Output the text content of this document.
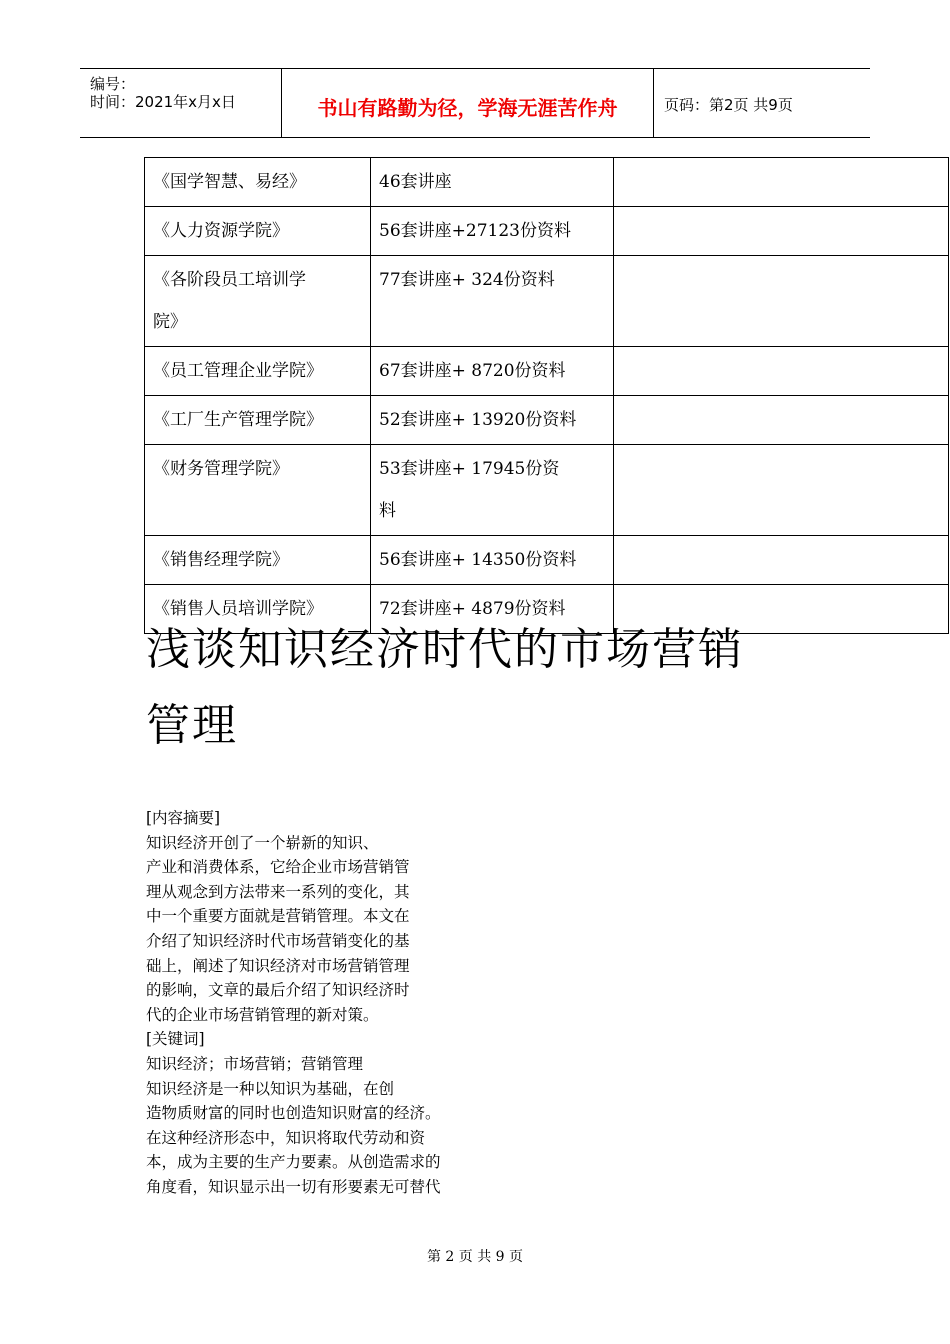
编号：
时间：2021年x月x日	书山有路勤为径，学海无涯苦作舟	页码：第2页 共9页
《国学智慧、易经》	46套讲座	

《人力资源学院》	56套讲座+27123份资料	

《各阶段员工培训学
院》	77套讲座+ 324份资料	

《员工管理企业学院》	67套讲座+ 8720份资料	

《工厂生产管理学院》	52套讲座+ 13920份资料	

《财务管理学院》	53套讲座+ 17945份资
料	

《销售经理学院》	56套讲座+ 14350份资料	

《销售人员培训学院》	72套讲座+ 4879份资料	

浅谈知识经济时代的市场营销
管理
[内容摘要]
知识经济开创了一个崭新的知识、
产业和消费体系，它给企业市场营销管
理从观念到方法带来一系列的变化，其
中一个重要方面就是营销管理。本文在
介绍了知识经济时代市场营销变化的基
础上，阐述了知识经济对市场营销管理
的影响，文章的最后介绍了知识经济时
代的企业市场营销管理的新对策。
[关键词]
知识经济；市场营销；营销管理
知识经济是一种以知识为基础，在创
造物质财富的同时也创造知识财富的经济。
在这种经济形态中，知识将取代劳动和资
本，成为主要的生产力要素。从创造需求的
角度看，知识显示出一切有形要素无可替代
第 2 页 共 9 页
